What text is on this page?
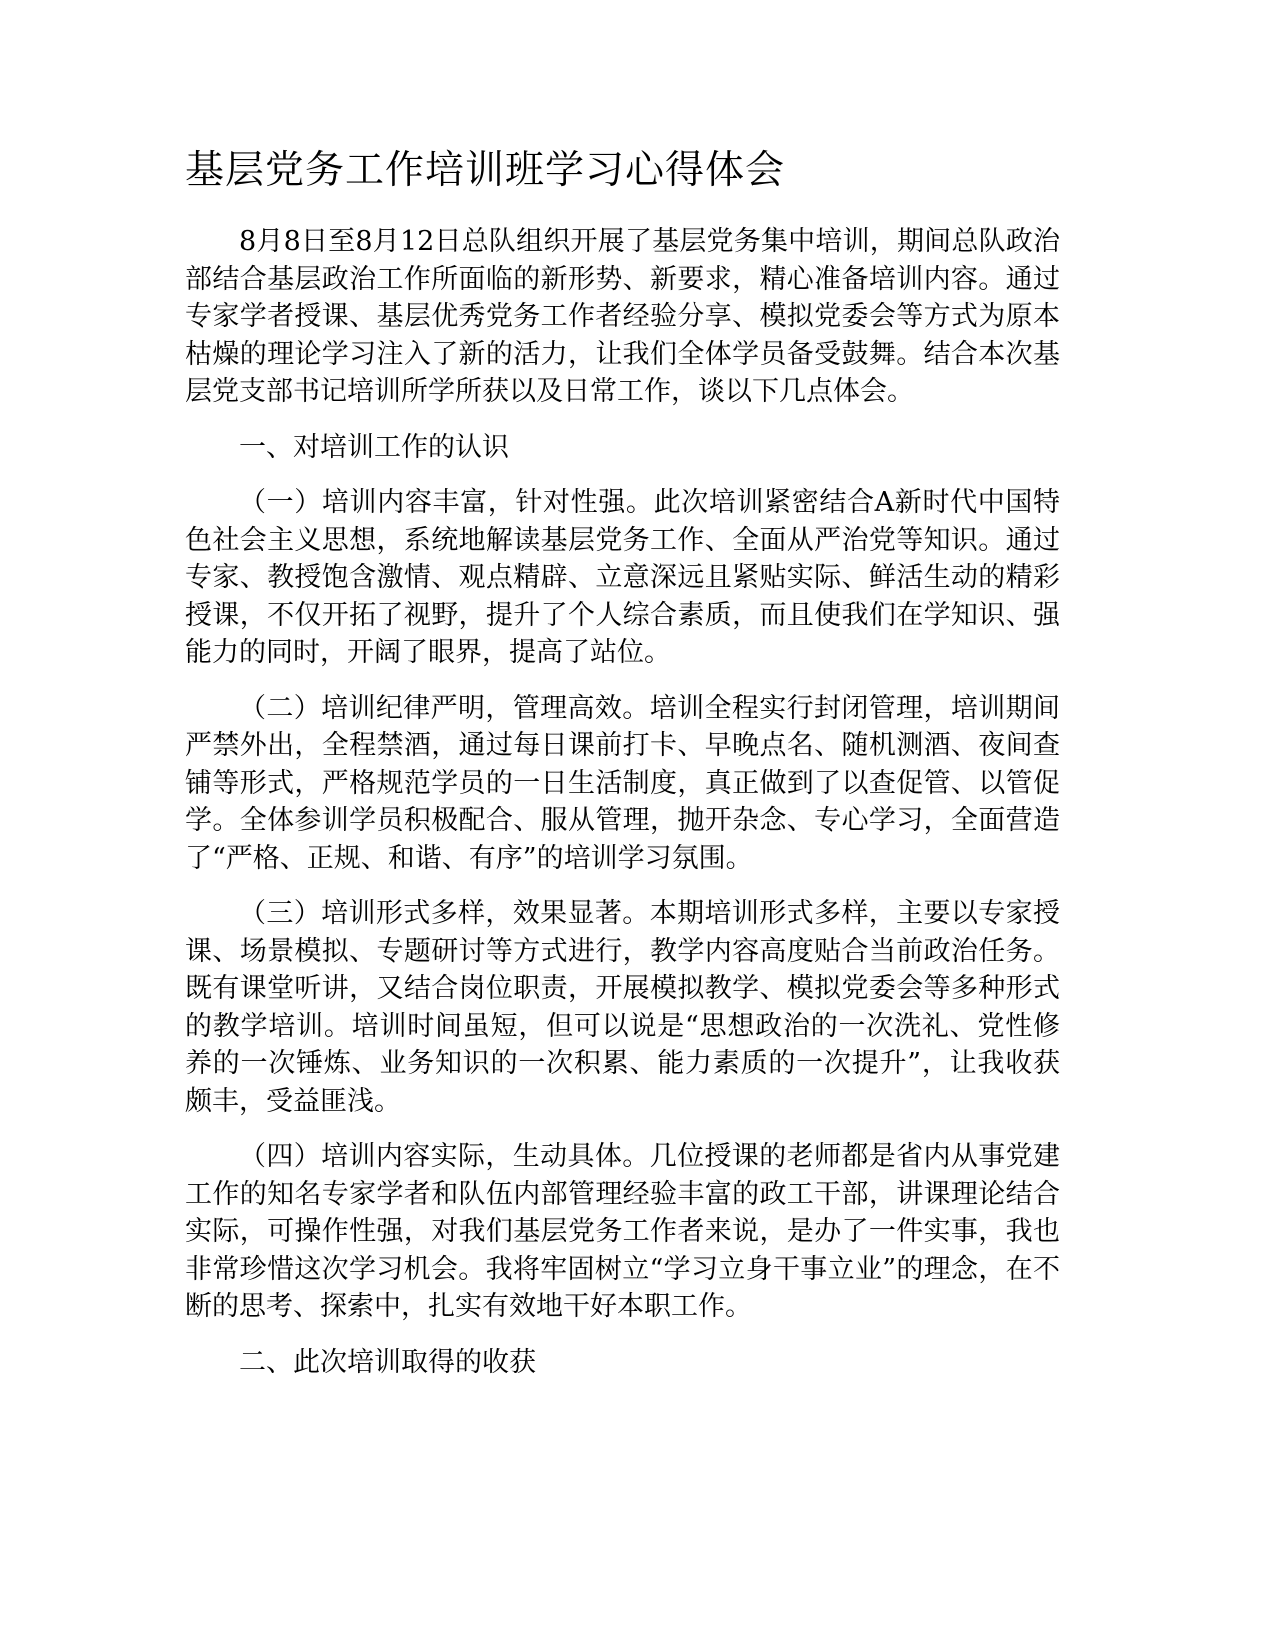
基层党务工作培训班学习心得体会

8月8日至8月12日总队组织开展了基层党务集中培训，期间总队政治部结合基层政治工作所面临的新形势、新要求，精心准备培训内容。通过专家学者授课、基层优秀党务工作者经验分享、模拟党委会等方式为原本枯燥的理论学习注入了新的活力，让我们全体学员备受鼓舞。结合本次基层党支部书记培训所学所获以及日常工作，谈以下几点体会。

一、对培训工作的认识

（一）培训内容丰富，针对性强。此次培训紧密结合A新时代中国特色社会主义思想，系统地解读基层党务工作、全面从严治党等知识。通过专家、教授饱含激情、观点精辟、立意深远且紧贴实际、鲜活生动的精彩授课，不仅开拓了视野，提升了个人综合素质，而且使我们在学知识、强能力的同时，开阔了眼界，提高了站位。

（二）培训纪律严明，管理高效。培训全程实行封闭管理，培训期间严禁外出，全程禁酒，通过每日课前打卡、早晚点名、随机测酒、夜间查铺等形式，严格规范学员的一日生活制度，真正做到了以查促管、以管促学。全体参训学员积极配合、服从管理，抛开杂念、专心学习，全面营造了“严格、正规、和谐、有序”的培训学习氛围。

（三）培训形式多样，效果显著。本期培训形式多样，主要以专家授课、场景模拟、专题研讨等方式进行，教学内容高度贴合当前政治任务。既有课堂听讲，又结合岗位职责，开展模拟教学、模拟党委会等多种形式的教学培训。培训时间虽短，但可以说是“思想政治的一次洗礼、党性修养的一次锤炼、业务知识的一次积累、能力素质的一次提升”，让我收获颇丰，受益匪浅。

（四）培训内容实际，生动具体。几位授课的老师都是省内从事党建工作的知名专家学者和队伍内部管理经验丰富的政工干部，讲课理论结合实际，可操作性强，对我们基层党务工作者来说，是办了一件实事，我也非常珍惜这次学习机会。我将牢固树立“学习立身干事立业”的理念，在不断的思考、探索中，扎实有效地干好本职工作。

二、此次培训取得的收获
